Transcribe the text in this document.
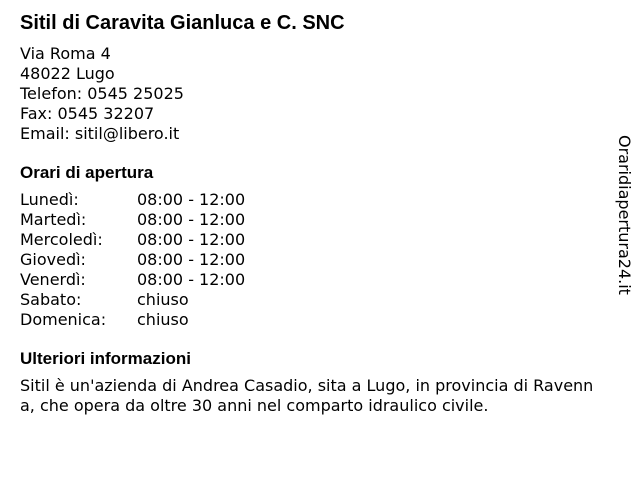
Sitil di Caravita Gianluca e C. SNC

Via Roma 4

48022 Lugo

Telefon: 0545 25025

Fax: 0545 32207

Email: sitil@libero.it

Orari di apertura
Lunedì:	08:00 - 12:00
Martedì:	08:00 - 12:00
Mercoledì:	08:00 - 12:00
Giovedì:	08:00 - 12:00
Venerdì:	08:00 - 12:00
Sabato:	chiuso
Domenica:	chiuso
Ulteriori informazioni

Sitil è un'azienda di Andrea Casadio, sita a Lugo, in provincia di Ravenna, che opera da oltre 30 anni nel comparto idraulico civile.

Oraridiapertura24.it
